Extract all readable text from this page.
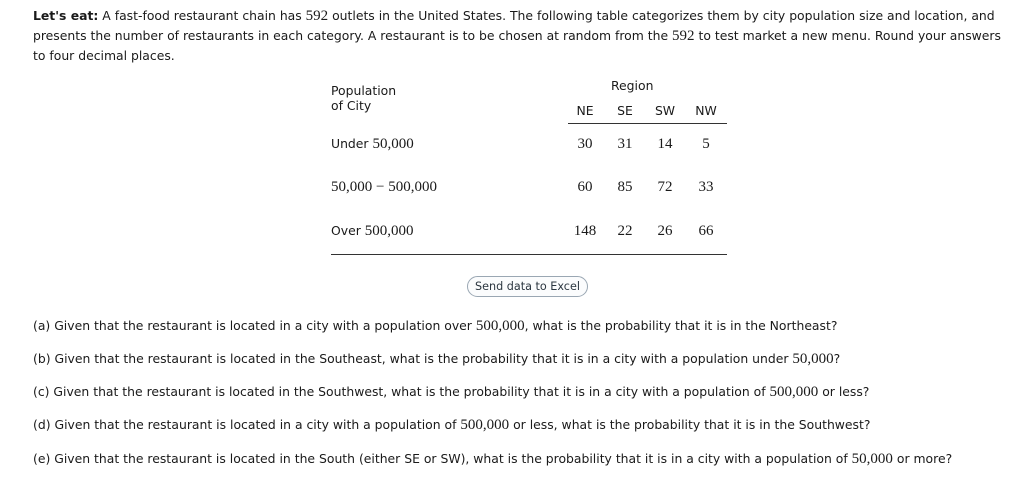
Let's eat: A fast-food restaurant chain has 592 outlets in the United States. The following table categorizes them by city population size and location, and presents the number of restaurants in each category. A restaurant is to be chosen at random from the 592 to test market a new menu. Round your answers to four decimal places.

Population
of City
Region
NE	SE	SW	NW
Under 50,000	30	31	14	5
50,000 − 500,000	60	85	72	33
Over 500,000	148	22	26	66
Send data to Excel
(a) Given that the restaurant is located in a city with a population over 500,000, what is the probability that it is in the Northeast?
(b) Given that the restaurant is located in the Southeast, what is the probability that it is in a city with a population under 50,000?
(c) Given that the restaurant is located in the Southwest, what is the probability that it is in a city with a population of 500,000 or less?
(d) Given that the restaurant is located in a city with a population of 500,000 or less, what is the probability that it is in the Southwest?
(e) Given that the restaurant is located in the South (either SE or SW), what is the probability that it is in a city with a population of 50,000 or more?
